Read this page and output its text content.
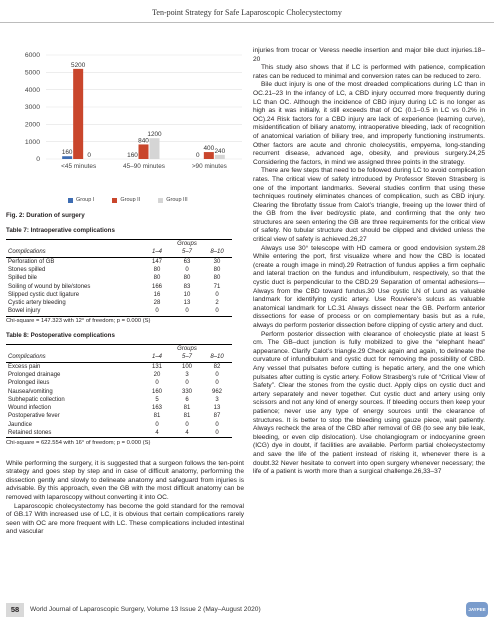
Ten-point Strategy for Safe Laparoscopic Cholecystectomy
0
1000
2000
3000
4000
5000
6000
<45 minutes	45–90 minutes	>90 minutes
5200
160 0
1200
840
160
400 240
0
Group I	Group II	Group III
Fig. 2: Duration of surgery
Table 7: Intraoperative complications
	Groups		
Complications	1–4	5–7	8–10
Perforation of GB	147	63	30
Stones spilled	80	0	80
Spilled bile	80	80	80
Soiling of wound by bile/stones	166	83	71
Slipped cystic duct ligature	16	10	0
Cystic artery bleeding	28	13	2
Bowel injury	0	0	0
Chi-square = 147.323 with 12° of freedom; p = 0.000 (S)
Table 8: Postoperative complications
	Groups		
Complications	1–4	5–7	8–10
Excess pain	131	100	82
Prolonged drainage	20	3	0
Prolonged ileus	0	0	0
Nausea/vomiting	160	330	962
Subhepatic collection	5	6	3
Wound infection	163	81	13
Postoperative fever	81	81	87
Jaundice	0	0	0
Retained stones	4	4	0
Chi-square = 622.554 with 16° of freedom; p = 0.000 (S)

While performing the surgery, it is suggested that a surgeon follows the ten-point strategy and goes step by step and in case of difficult anatomy, performing the dissection gently and slowly to delineate anatomy and safeguard from injuries is advisable. By this approach, even the GB with the most difficult anatomy can be removed with laparoscopy without converting it into OC.

Laparoscopic cholecystectomy has become the gold standard for the removal of GB.17 With increased use of LC, it is obvious that certain complications rarely seen with OC are more frequent with LC. These complications included intestinal and vascular

injuries from trocar or Veress needle insertion and major bile duct injuries.18–20

This study also shows that if LC is performed with patience, complication rates can be reduced to minimal and conversion rates can be reduced to zero.

Bile duct injury is one of the most dreaded complications during LC than in OC.21–23 In the infancy of LC, a CBD injury occurred more frequently during LC than OC. Although the incidence of CBD injury during LC is no longer as high as it was initially, it still exceeds that of OC (0.1–0.5 in LC vs 0.2% in OC).24 Risk factors for a CBD injury are lack of experience (learning curve), misidentification of biliary anatomy, intraoperative bleeding, lack of recognition of anatomical variation of biliary tree, and improperly functioning instruments. Other factors are acute and chronic cholecystitis, empyema, long-standing recurrent disease, advanced age, obesity, and previous surgery.24,25 Considering the factors, in mind we assigned three points in the strategy.

There are few steps that need to be followed during LC to avoid complication rates. The critical view of safety introduced by Professor Steven Strasberg is one of the important landmarks. Several studies confirm that using these techniques routinely eliminates chances of complication, such as CBD injury. Clearing the fibrofatty tissue from Calot’s triangle, freeing up the lower third of the GB from the liver bed/cystic plate, and confirming that the only two structures are seen entering the GB are three requirements for the critical view of safety. No tubular structure duct should be clipped and divided unless the critical view of safety is achieved.26,27

Always use 30° telescope with HD camera or good endovision system.28 While entering the port, first visualize where and how the CBD is located (create a rough image in mind).29 Retraction of fundus applies a firm cephalic and lateral traction on the fundus and infundibulum, respectively, so that the cystic duct is perpendicular to the CBD.29 Separation of omental adhesions—Always from the CBD toward fundus.30 Use cystic LN of Lund as valuable landmark for identifying cystic artery. Use Rouviere’s sulcus as valuable anatomical landmark for LC.31 Always dissect near the GB. Perform anterior dissections for ease of process or on complementary basis but as a rule, always do perform posterior dissection before clipping of cystic artery and duct.

Perform posterior dissection with clearance of cholecystic plate at least 5 cm. The GB–duct junction is fully mobilized to give the “elephant head” appearance. Clarify Calot’s triangle.29 Check again and again, to delineate the curvature of infundibulum and cystic duct for removing the possibility of CBD. Any vessel that pulsates before cutting is hepatic artery, and the one which pulsates after cutting is cystic artery. Follow Strasberg’s rule of “Critical View of Safety”. Clear the stones from the cystic duct. Apply clips on cystic duct and artery separately and never together. Cut cystic duct and artery using only scissors and not any kind of energy sources. If bleeding occurs then keep your patience; never use any type of energy sources until the clearance of structures. It is better to stop the bleeding using gauze piece, wait patiently. Always recheck the area of the CBD after removal of GB (to see any bile leak, bleeding, or even clip dislocation). Use cholangiogram or indocyanine green (ICG) dye in doubt, if facilities are available. Perform partial cholecystectomy and save the life of the patient instead of risking it, whenever there is a doubt.32 Never hesitate to convert into open surgery whenever necessary; the life of a patient is worth more than a surgical challenge.26,33–37

58	World Journal of Laparoscopic Surgery, Volume 13 Issue 2 (May–August 2020)	JAYPEE
